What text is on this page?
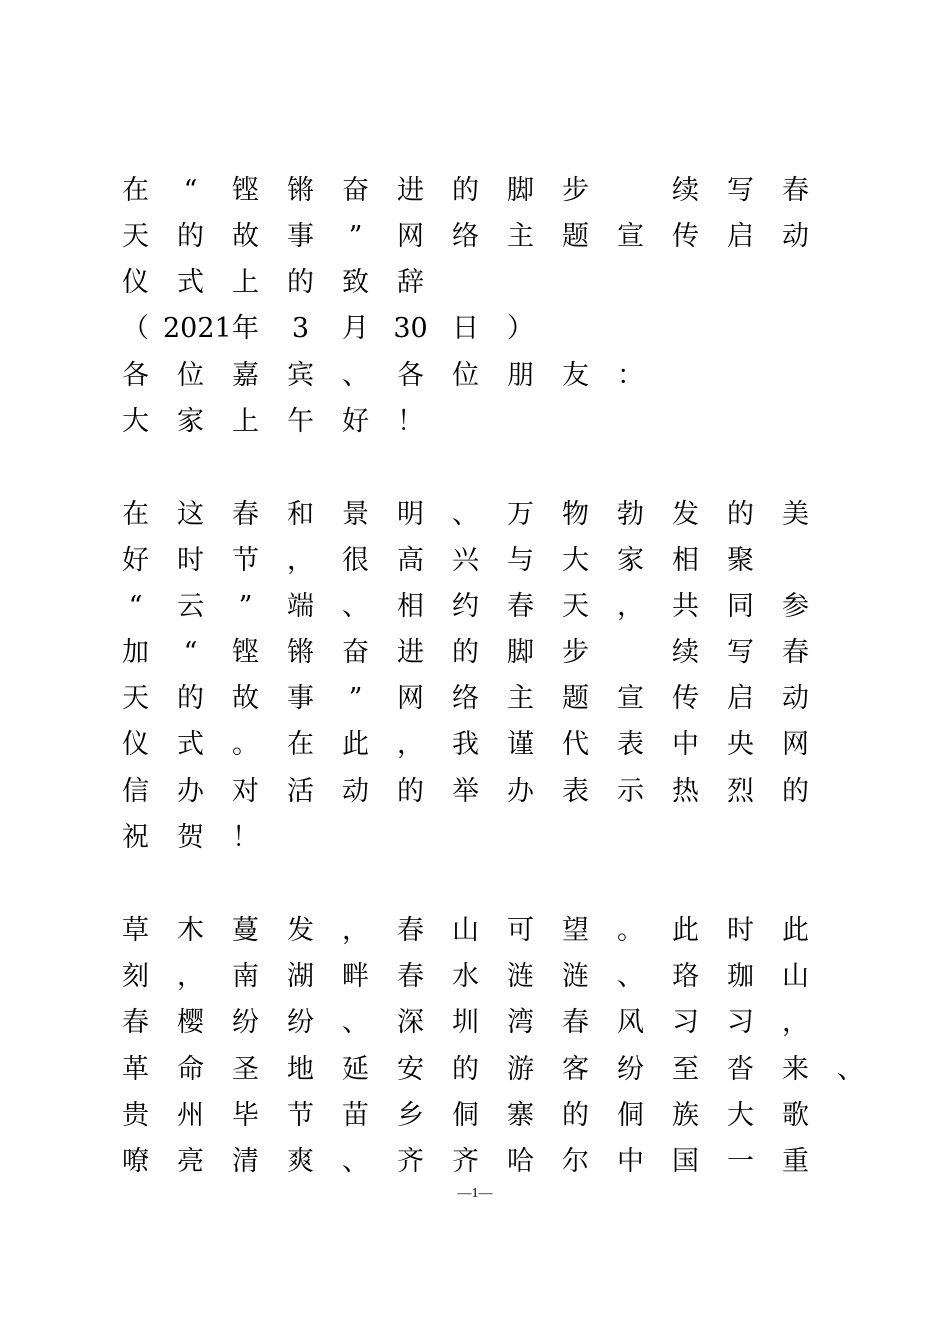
在	“	铿	锵	奋	进	的	脚	步	续	写	春
天	的	故	事	”	网	络	主	题	宣	传	启	动
仪	式	上	的	致	辞
（ 2021 年	3	月 30 日	）
各	位	嘉	宾	、	各	位	朋	友	：
大	家	上	午	好	！
在	这	春	和	景	明	、	万	物	勃	发	的	美
好	时	节	，	很	高	兴	与	大	家	相	聚
“	云	”	端	、	相	约	春	天	，	共	同	参
加	“	铿	锵	奋	进	的	脚	步	续	写	春
天	的	故	事	”	网	络	主	题	宣	传	启	动
仪	式	。	在	此	，	我	谨	代	表	中	央	网
信	办	对	活	动	的	举	办	表	示	热	烈	的
祝	贺	！
草	木	蔓	发	，	春	山	可	望	。	此	时	此
刻	，	南	湖	畔	春	水	涟	涟	、	珞	珈	山
春	樱	纷	纷	、	深	圳	湾	春	风	习	习	，
革	命	圣	地	延	安	的	游	客	纷	至	沓	来	、
贵	州	毕	节	苗	乡	侗	寨	的	侗	族	大	歌
嘹	亮	清	爽	、	齐	齐	哈	尔	中	国	一	重
—1—
